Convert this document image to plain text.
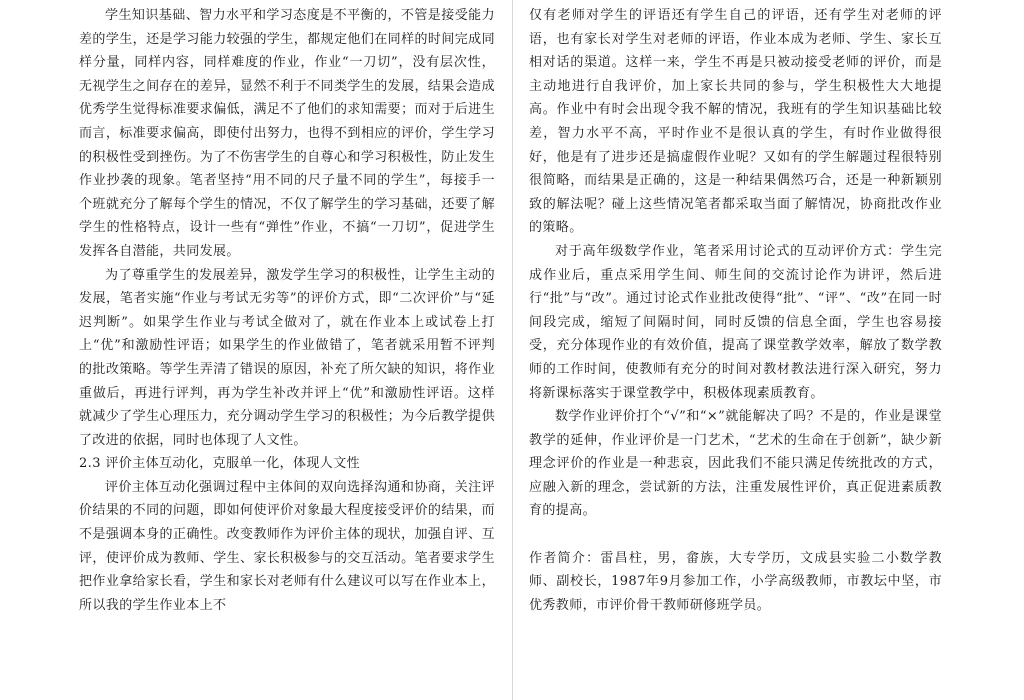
学生知识基础、智力水平和学习态度是不平衡的，不管是接受能力差的学生，还是学习能力较强的学生，都规定他们在同样的时间完成同样分量，同样内容，同样难度的作业，作业“一刀切”，没有层次性，无视学生之间存在的差异，显然不利于不同类学生的发展，结果会造成优秀学生觉得标准要求偏低，满足不了他们的求知需要；而对于后进生而言，标准要求偏高，即使付出努力，也得不到相应的评价，学生学习的积极性受到挫伤。为了不伤害学生的自尊心和学习积极性，防止发生作业抄袭的现象。笔者坚持“用不同的尺子量不同的学生”，每接手一个班就充分了解每个学生的情况，不仅了解学生的学习基础，还要了解学生的性格特点，设计一些有“弹性”作业，不搞“一刀切”，促进学生发挥各自潜能，共同发展。

为了尊重学生的发展差异，激发学生学习的积极性，让学生主动的发展，笔者实施“作业与考试无劣等”的评价方式，即“二次评价”与“延迟判断”。如果学生作业与考试全做对了，就在作业本上或试卷上打上“优”和激励性评语；如果学生的作业做错了，笔者就采用暂不评判的批改策略。等学生弄清了错误的原因，补充了所欠缺的知识，将作业重做后，再进行评判，再为学生补改并评上“优”和激励性评语。这样就减少了学生心理压力，充分调动学生学习的积极性；为今后教学提供了改进的依据，同时也体现了人文性。

2.3 评价主体互动化，克服单一化，体现人文性

评价主体互动化强调过程中主体间的双向选择沟通和协商，关注评价结果的不同的问题，即如何使评价对象最大程度接受评价的结果，而不是强调本身的正确性。改变教师作为评价主体的现状，加强自评、互评，使评价成为教师、学生、家长积极参与的交互活动。笔者要求学生把作业拿给家长看，学生和家长对老师有什么建议可以写在作业本上，所以我的学生作业本上不

仅有老师对学生的评语还有学生自己的评语，还有学生对老师的评语，也有家长对学生对老师的评语，作业本成为老师、学生、家长互相对话的渠道。这样一来，学生不再是只被动接受老师的评价，而是主动地进行自我评价，加上家长共同的参与，学生积极性大大地提高。作业中有时会出现令我不解的情况，我班有的学生知识基础比较差，智力水平不高，平时作业不是很认真的学生，有时作业做得很好，他是有了进步还是搞虚假作业呢？又如有的学生解题过程很特别很简略，而结果是正确的，这是一种结果偶然巧合，还是一种新颖别致的解法呢？碰上这些情况笔者都采取当面了解情况，协商批改作业的策略。

对于高年级数学作业，笔者采用讨论式的互动评价方式：学生完成作业后，重点采用学生间、师生间的交流讨论作为讲评，然后进行“批”与“改”。通过讨论式作业批改使得“批”、“评”、“改”在同一时间段完成，缩短了间隔时间，同时反馈的信息全面，学生也容易接受，充分体现作业的有效价值，提高了课堂教学效率，解放了数学教师的工作时间，使教师有充分的时间对教材教法进行深入研究，努力将新课标落实于课堂教学中，积极体现素质教育。

数学作业评价打个“√”和“×”就能解决了吗？不是的，作业是课堂教学的延伸，作业评价是一门艺术，“艺术的生命在于创新”，缺少新理念评价的作业是一种悲哀，因此我们不能只满足传统批改的方式，应融入新的理念，尝试新的方法，注重发展性评价，真正促进素质教育的提高。

作者简介：雷昌柱，男，畲族，大专学历，文成县实验二小数学教师、副校长，1987年9月参加工作，小学高级教师，市教坛中坚，市优秀教师，市评价骨干教师研修班学员。
